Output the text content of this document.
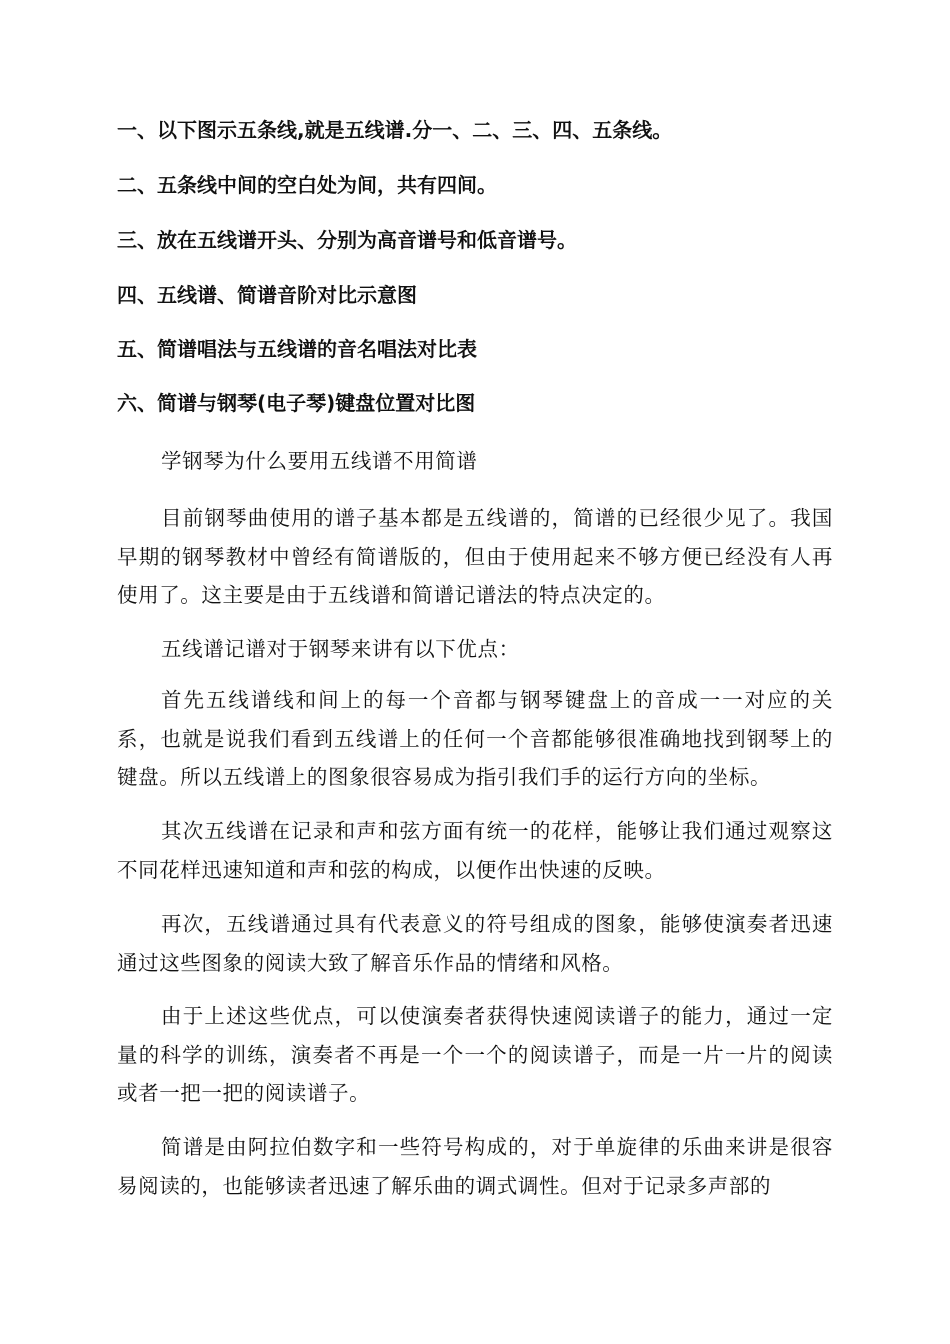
一、以下图示五条线,就是五线谱.分一、二、三、四、五条线。

二、五条线中间的空白处为间，共有四间。

三、放在五线谱开头、分别为高音谱号和低音谱号。

四、五线谱、简谱音阶对比示意图

五、简谱唱法与五线谱的音名唱法对比表

六、简谱与钢琴(电子琴)键盘位置对比图

学钢琴为什么要用五线谱不用简谱

目前钢琴曲使用的谱子基本都是五线谱的，简谱的已经很少见了。我国早期的钢琴教材中曾经有简谱版的，但由于使用起来不够方便已经没有人再使用了。这主要是由于五线谱和简谱记谱法的特点决定的。

五线谱记谱对于钢琴来讲有以下优点：

首先五线谱线和间上的每一个音都与钢琴键盘上的音成一一对应的关系，也就是说我们看到五线谱上的任何一个音都能够很准确地找到钢琴上的键盘。所以五线谱上的图象很容易成为指引我们手的运行方向的坐标。

其次五线谱在记录和声和弦方面有统一的花样，能够让我们通过观察这不同花样迅速知道和声和弦的构成，以便作出快速的反映。

再次，五线谱通过具有代表意义的符号组成的图象，能够使演奏者迅速通过这些图象的阅读大致了解音乐作品的情绪和风格。

由于上述这些优点，可以使演奏者获得快速阅读谱子的能力，通过一定量的科学的训练，演奏者不再是一个一个的阅读谱子，而是一片一片的阅读或者一把一把的阅读谱子。

简谱是由阿拉伯数字和一些符号构成的，对于单旋律的乐曲来讲是很容易阅读的，也能够读者迅速了解乐曲的调式调性。但对于记录多声部的
